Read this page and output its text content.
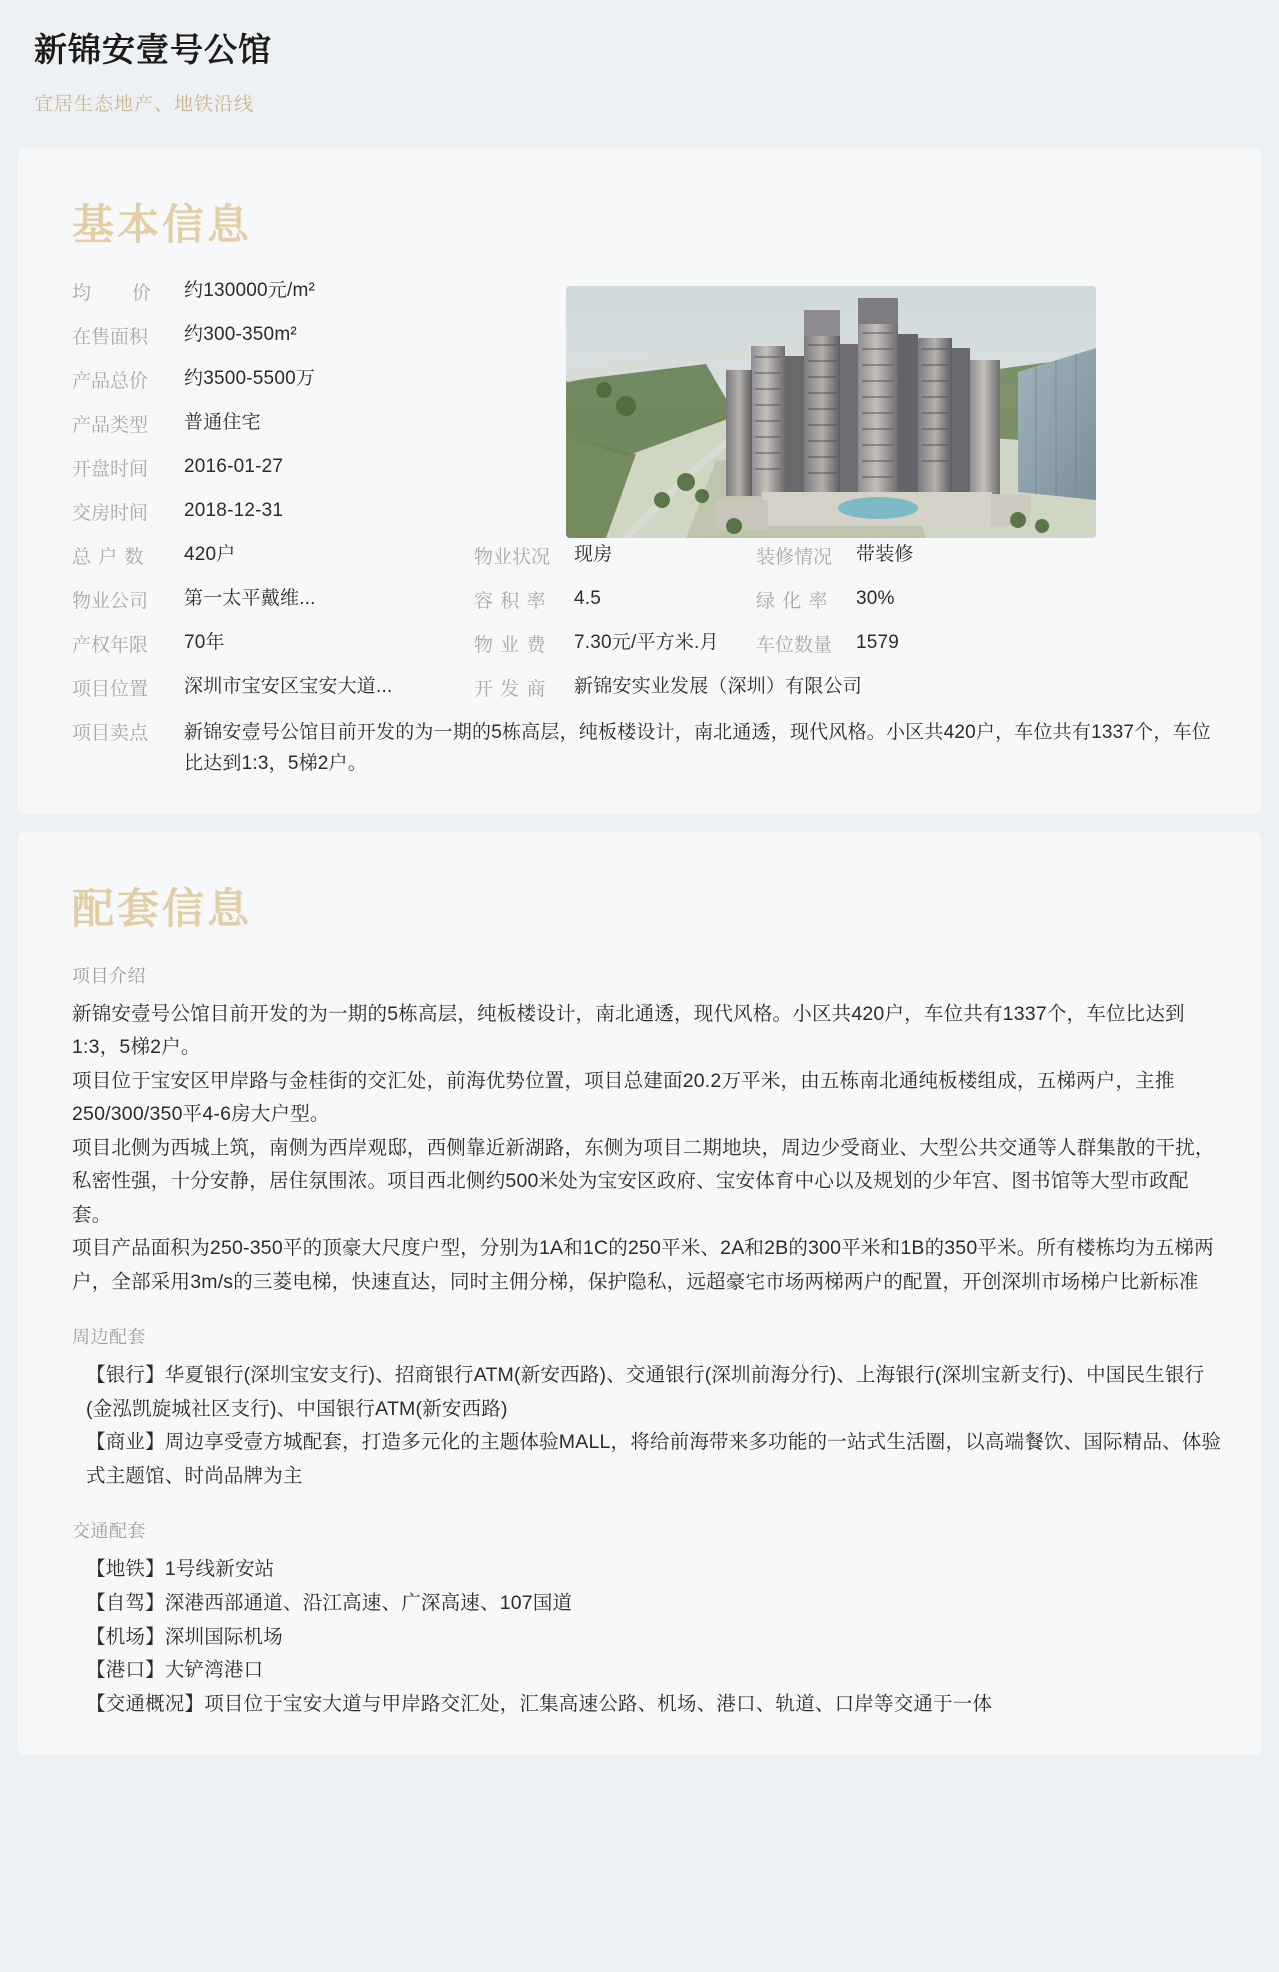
新锦安壹号公馆
宜居生态地产、地铁沿线
基本信息
均　　价	约130000元/m²
在售面积	约300-350m²
产品总价	约3500-5500万
产品类型	普通住宅
开盘时间	2016-01-27
交房时间	2018-12-31
总 户 数	420户	物业状况	现房	装修情况	带装修
物业公司	第一太平戴维...	容 积 率	4.5	绿 化 率	30%
产权年限	70年	物 业 费	7.30元/平方米.月 车位数量	1579
项目位置	深圳市宝安区宝安大道...	开 发 商	新锦安实业发展（深圳）有限公司
项目卖点	新锦安壹号公馆目前开发的为一期的5栋高层，纯板楼设计，南北通透，现代风格。小区共420户，车位共有1337个，车位比达到1:3，5梯2户。
配套信息
项目介绍

新锦安壹号公馆目前开发的为一期的5栋高层，纯板楼设计，南北通透，现代风格。小区共420户，车位共有1337个，车位比达到1:3，5梯2户。

项目位于宝安区甲岸路与金桂街的交汇处，前海优势位置，项目总建面20.2万平米，由五栋南北通纯板楼组成，五梯两户，主推250/300/350平4-6房大户型。

项目北侧为西城上筑，南侧为西岸观邸，西侧靠近新湖路，东侧为项目二期地块，周边少受商业、大型公共交通等人群集散的干扰，私密性强，十分安静，居住氛围浓。项目西北侧约500米处为宝安区政府、宝安体育中心以及规划的少年宫、图书馆等大型市政配套。

项目产品面积为250-350平的顶豪大尺度户型，分别为1A和1C的250平米、2A和2B的300平米和1B的350平米。所有楼栋均为五梯两户，全部采用3m/s的三菱电梯，快速直达，同时主佣分梯，保护隐私，远超豪宅市场两梯两户的配置，开创深圳市场梯户比新标准

周边配套

【银行】华夏银行(深圳宝安支行)、招商银行ATM(新安西路)、交通银行(深圳前海分行)、上海银行(深圳宝新支行)、中国民生银行(金泓凯旋城社区支行)、中国银行ATM(新安西路)

【商业】周边享受壹方城配套，打造多元化的主题体验MALL，将给前海带来多功能的一站式生活圈，以高端餐饮、国际精品、体验式主题馆、时尚品牌为主

交通配套

【地铁】1号线新安站

【自驾】深港西部通道、沿江高速、广深高速、107国道

【机场】深圳国际机场

【港口】大铲湾港口

【交通概况】项目位于宝安大道与甲岸路交汇处，汇集高速公路、机场、港口、轨道、口岸等交通于一体
